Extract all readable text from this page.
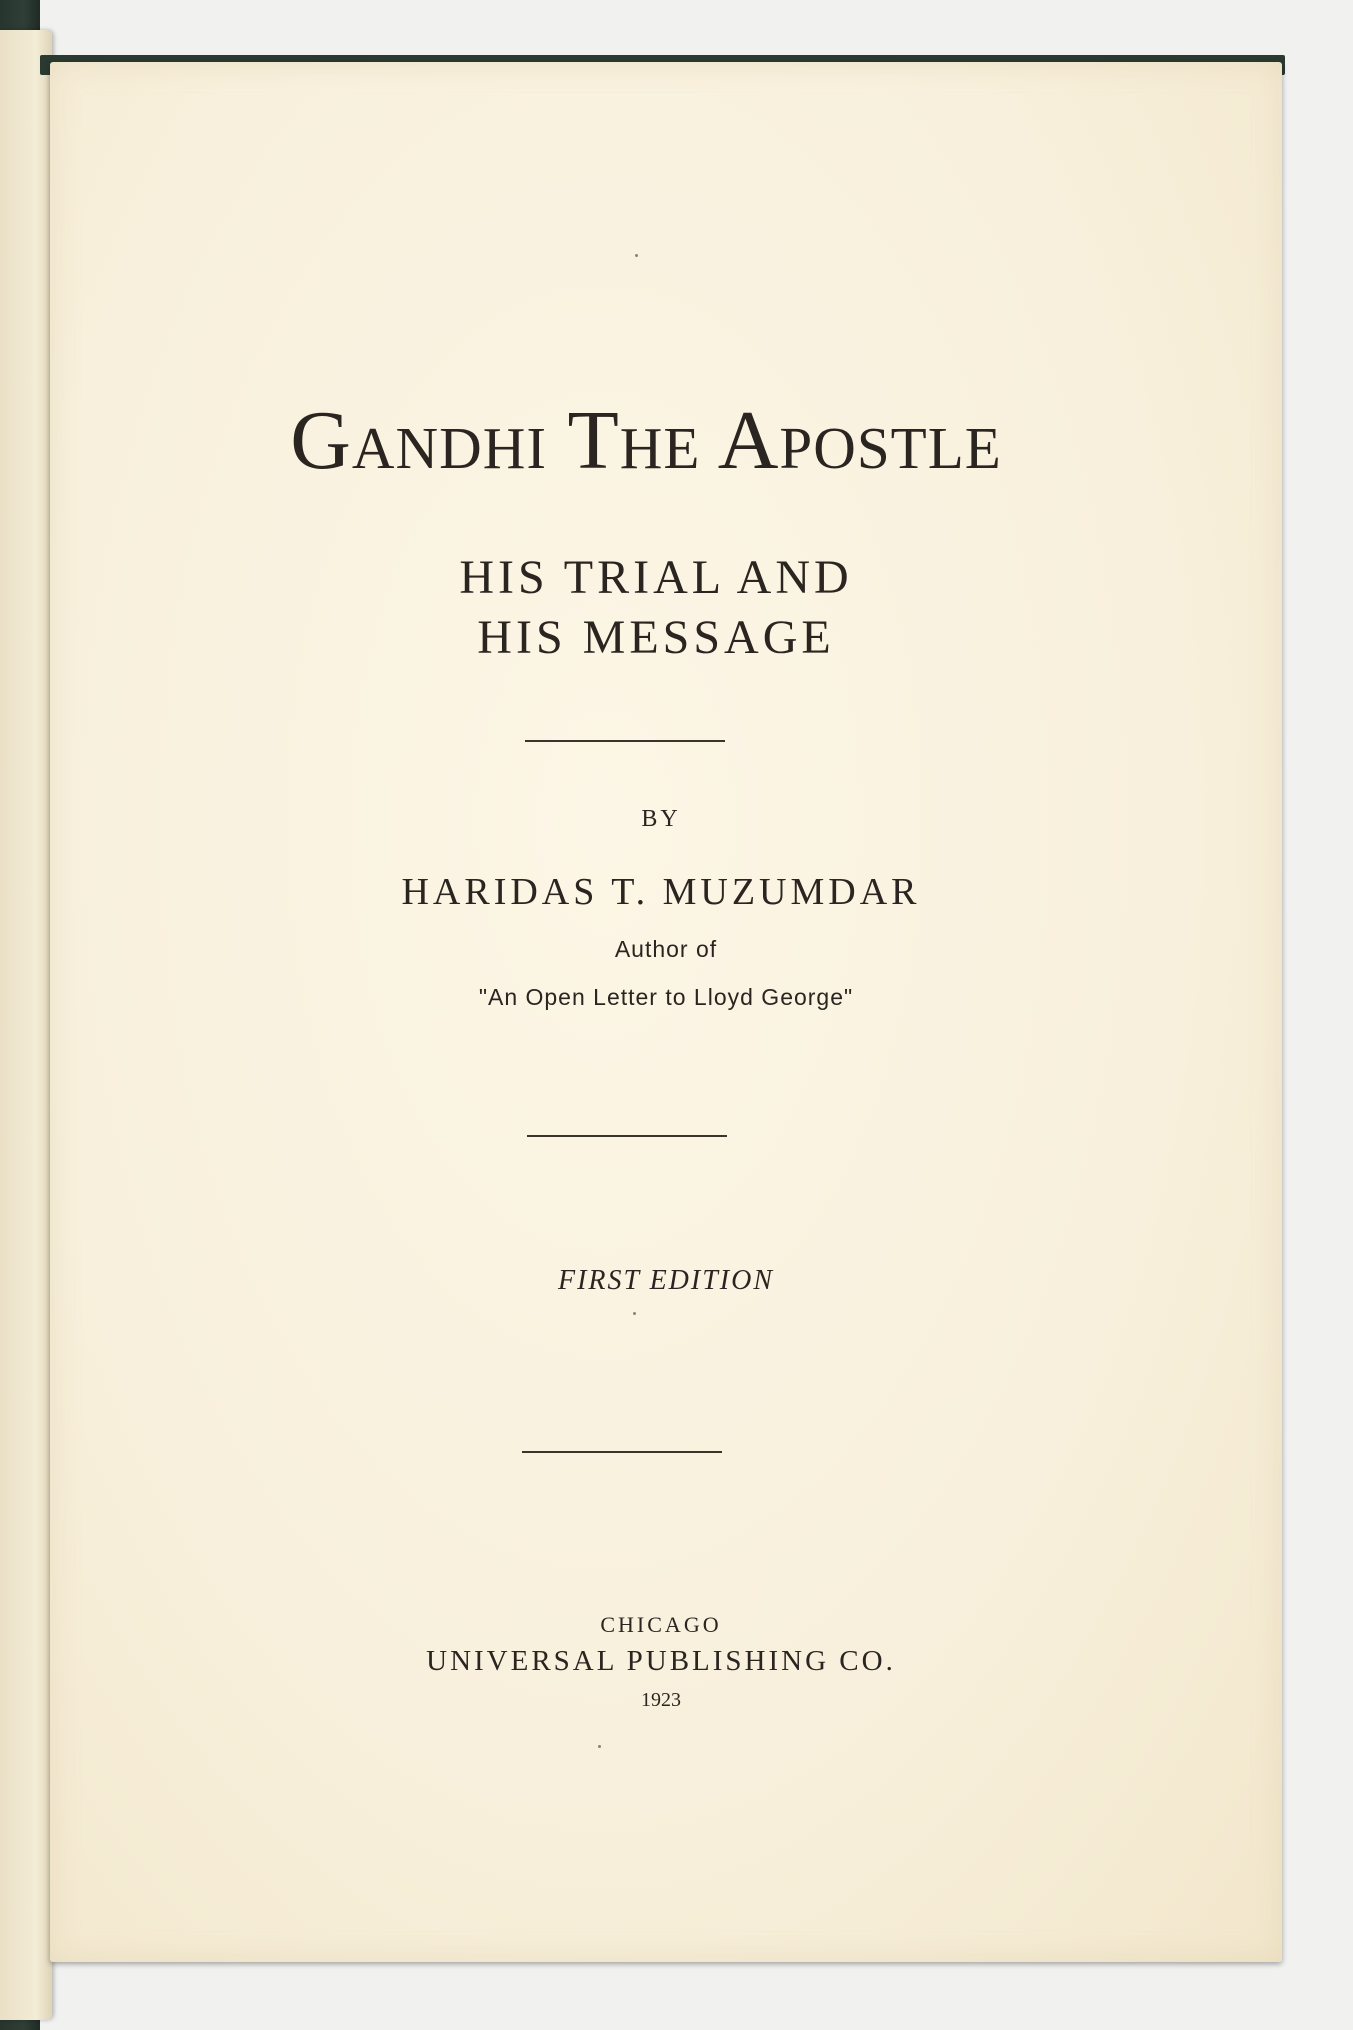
Gandhi The Apostle
HIS TRIAL AND
HIS MESSAGE
BY
HARIDAS T. MUZUMDAR
Author of
"An Open Letter to Lloyd George"
FIRST EDITION
CHICAGO
UNIVERSAL PUBLISHING CO.
1923
